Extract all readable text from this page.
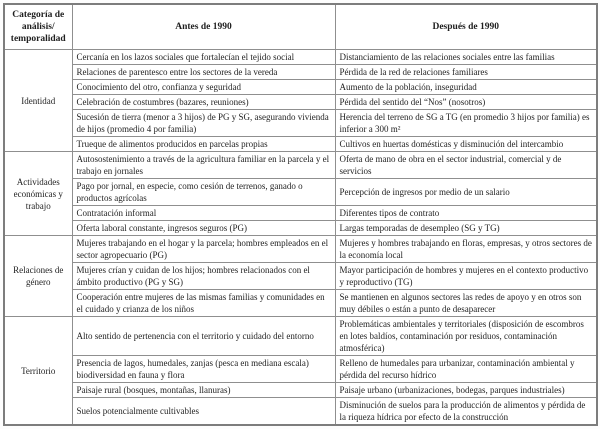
Categoría de análisis/ temporalidad	Antes de 1990	Después de 1990
Identidad	Cercanía en los lazos sociales que fortalecían el tejido social	Distanciamiento de las relaciones sociales entre las familias
	Relaciones de parentesco entre los sectores de la vereda	Pérdida de la red de relaciones familiares
	Conocimiento del otro, confianza y seguridad	Aumento de la población, inseguridad
	Celebración de costumbres (bazares, reuniones)	Pérdida del sentido del “Nos” (nosotros)
	Sucesión de tierra (menor a 3 hijos) de PG y SG, asegurando vivienda de hijos (promedio 4 por familia)	Herencia del terreno de SG a TG (en promedio 3 hijos por familia) es inferior a 300 m²
	Trueque de alimentos producidos en parcelas propias	Cultivos en huertas domésticas y disminución del intercambio
Actividades económicas y trabajo	Autosostenimiento a través de la agricultura familiar en la parcela y el trabajo en jornales	Oferta de mano de obra en el sector industrial, comercial y de servicios
	Pago por jornal, en especie, como cesión de terrenos, ganado o productos agrícolas	Percepción de ingresos por medio de un salario
	Contratación informal	Diferentes tipos de contrato
	Oferta laboral constante, ingresos seguros (PG)	Largas temporadas de desempleo (SG y TG)
Relaciones de género	Mujeres trabajando en el hogar y la parcela; hombres empleados en el sector agropecuario (PG)	Mujeres y hombres trabajando en floras, empresas, y otros sectores de la economía local
	Mujeres crían y cuidan de los hijos; hombres relacionados con el ámbito productivo (PG y SG)	Mayor participación de hombres y mujeres en el contexto productivo y reproductivo (TG)
	Cooperación entre mujeres de las mismas familias y comunidades en el cuidado y crianza de los niños	Se mantienen en algunos sectores las redes de apoyo y en otros son muy débiles o están a punto de desaparecer
Territorio	Alto sentido de pertenencia con el territorio y cuidado del entorno	Problemáticas ambientales y territoriales (disposición de escombros en lotes baldíos, contaminación por residuos, contaminación atmosférica)
	Presencia de lagos, humedales, zanjas (pesca en mediana escala) biodiversidad en fauna y flora	Relleno de humedales para urbanizar, contaminación ambiental y pérdida del recurso hídrico
	Paisaje rural (bosques, montañas, llanuras)	Paisaje urbano (urbanizaciones, bodegas, parques industriales)
	Suelos potencialmente cultivables	Disminución de suelos para la producción de alimentos y pérdida de la riqueza hídrica por efecto de la construcción
